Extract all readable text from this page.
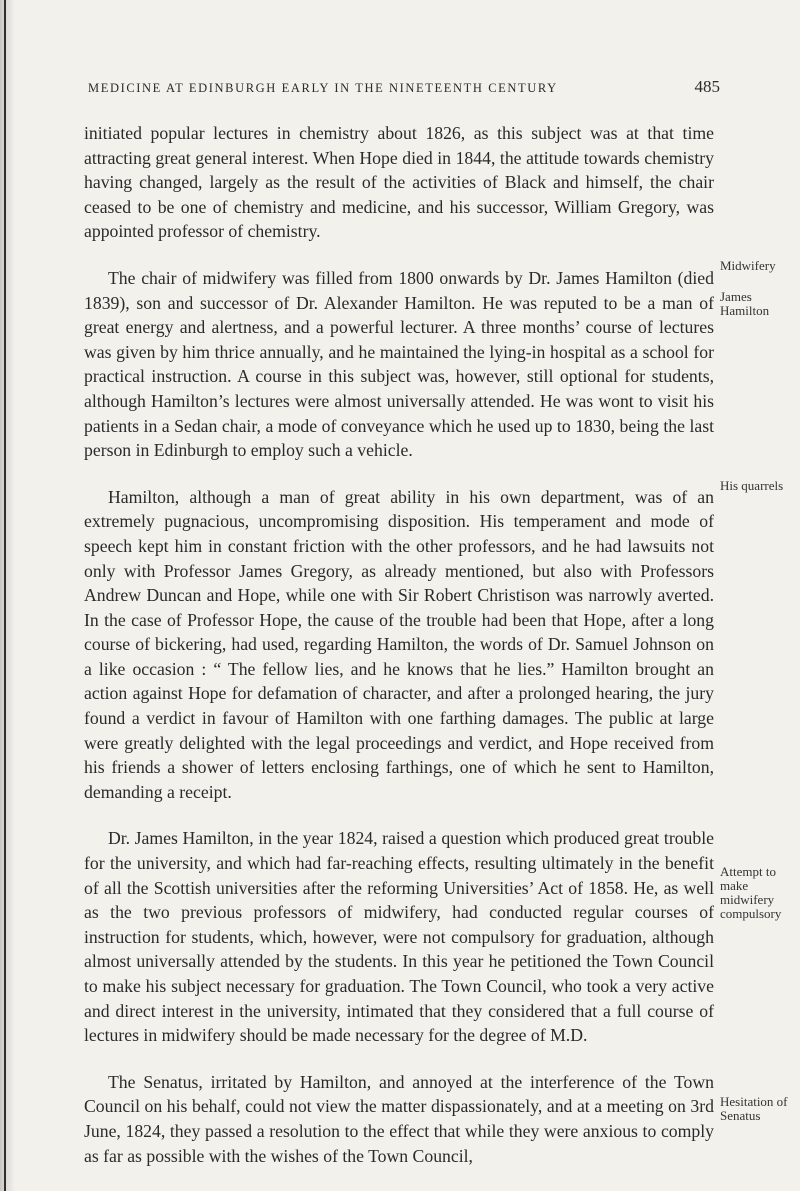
MEDICINE AT EDINBURGH EARLY IN THE NINETEENTH CENTURY	485

initiated popular lectures in chemistry about 1826, as this subject was at that time attracting great general interest. When Hope died in 1844, the attitude towards chemistry having changed, largely as the result of the activities of Black and himself, the chair ceased to be one of chemistry and medicine, and his successor, William Gregory, was appointed professor of chemistry.

The chair of midwifery was filled from 1800 onwards by Dr. James Hamilton (died 1839), son and successor of Dr. Alexander Hamilton. He was reputed to be a man of great energy and alertness, and a powerful lecturer. A three months’ course of lectures was given by him thrice annually, and he maintained the lying-in hospital as a school for practical instruction. A course in this subject was, however, still optional for students, although Hamilton’s lectures were almost universally attended. He was wont to visit his patients in a Sedan chair, a mode of conveyance which he used up to 1830, being the last person in Edinburgh to employ such a vehicle.

Hamilton, although a man of great ability in his own department, was of an extremely pugnacious, uncompromising disposition. His temperament and mode of speech kept him in constant friction with the other professors, and he had lawsuits not only with Professor James Gregory, as already mentioned, but also with Professors Andrew Duncan and Hope, while one with Sir Robert Christison was narrowly averted. In the case of Professor Hope, the cause of the trouble had been that Hope, after a long course of bickering, had used, regarding Hamilton, the words of Dr. Samuel Johnson on a like occasion : “ The fellow lies, and he knows that he lies.” Hamilton brought an action against Hope for defamation of character, and after a prolonged hearing, the jury found a verdict in favour of Hamilton with one farthing damages. The public at large were greatly delighted with the legal proceedings and verdict, and Hope received from his friends a shower of letters enclosing farthings, one of which he sent to Hamilton, demanding a receipt.

Dr. James Hamilton, in the year 1824, raised a question which produced great trouble for the university, and which had far-reaching effects, resulting ultimately in the benefit of all the Scottish universities after the reforming Universities’ Act of 1858. He, as well as the two previous professors of midwifery, had conducted regular courses of instruction for students, which, however, were not compulsory for graduation, although almost universally attended by the students. In this year he petitioned the Town Council to make his subject necessary for graduation. The Town Council, who took a very active and direct interest in the university, intimated that they considered that a full course of lectures in midwifery should be made necessary for the degree of M.D.

The Senatus, irritated by Hamilton, and annoyed at the interference of the Town Council on his behalf, could not view the matter dispassionately, and at a meeting on 3rd June, 1824, they passed a resolution to the effect that while they were anxious to comply as far as possible with the wishes of the Town Council,

Midwifery
James Hamilton
His quarrels
Attempt to make midwifery compulsory
Hesitation of Senatus
